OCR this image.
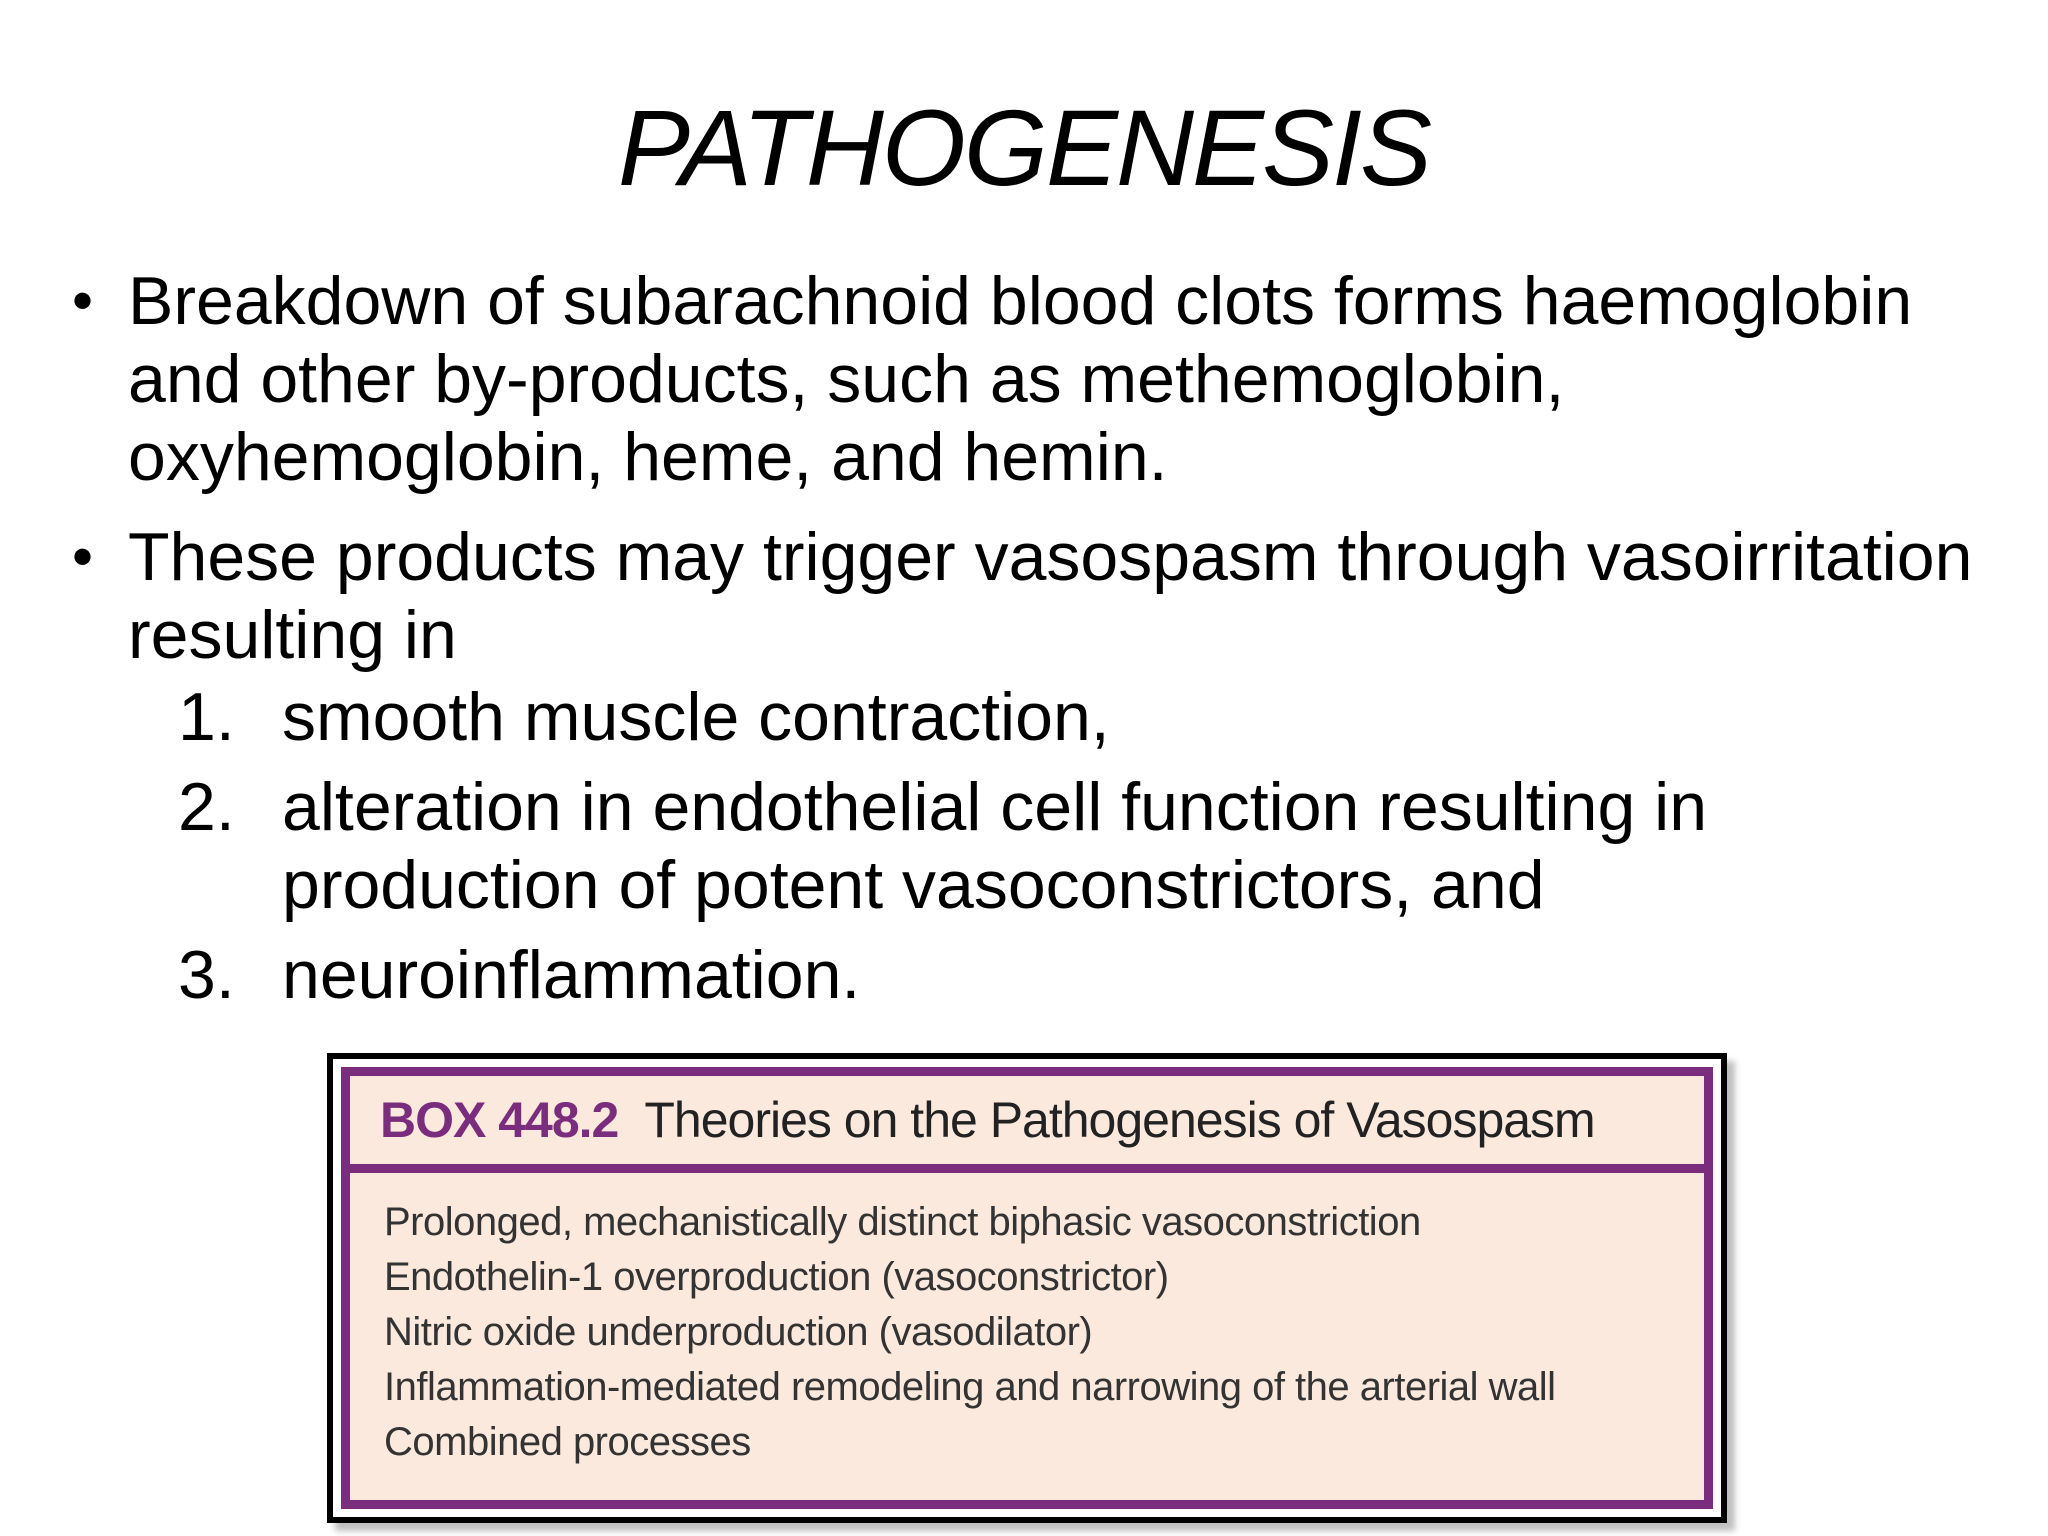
PATHOGENESIS
• Breakdown of subarachnoid blood clots forms haemoglobin and other by-products, such as methemoglobin, oxyhemoglobin, heme, and hemin.
• These products may trigger vasospasm through vasoirritation resulting in
1. smooth muscle contraction,
2. alteration in endothelial cell function resulting in production of potent vasoconstrictors, and
3. neuroinflammation.
BOX 448.2 Theories on the Pathogenesis of Vasospasm
Prolonged, mechanistically distinct biphasic vasoconstriction
Endothelin-1 overproduction (vasoconstrictor)
Nitric oxide underproduction (vasodilator)
Inflammation-mediated remodeling and narrowing of the arterial wall
Combined processes
